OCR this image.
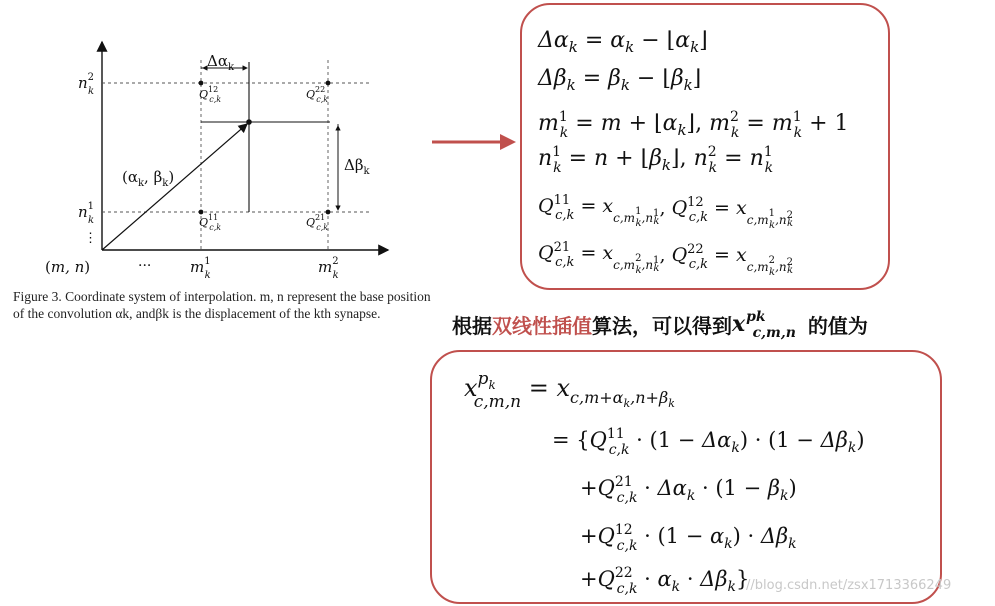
$\Delta\alpha_k$
$\Delta\beta_k$
($\alpha_k$, $\beta_k$)
$n^2$ k
$n^1$ k
⋮
$Q^{12}$ c,k	$Q^{22}$ c,k
$Q^{11}$ c,k	$Q^{21}$ c,k
(m, n)	···	$m^1$ k	$m^2$ k
Figure 3. Coordinate system of interpolation. m, n represent the base position of the convolution αk, andβk is the displacement of the kth synapse.
$\Delta\alpha_k = \alpha_k$ − $⌊\alpha_k⌋$
$\Delta\beta_k = \beta_k$ − $⌊\beta_k⌋$
$m^1$ $k = m + ⌊\alpha_k⌋$, $m^2$ $k = m^1$ k + 1
$n^1$ $k = n + ⌊\beta_k⌋$, $n^2$ $k = n^1$ k
$Q^{11}$ $c,k = x_{c,m}^1$ $k^{,n1}$ k, $Q^{12}$ $c,k = x_{c,m}^1$ $k^{,n2}$ k
$Q^{21}$ $c,k = x_{c,m}^2$ $k^{,n1}$ k, $Q^{22}$ $c,k = x_{c,m}^2$ $k^{,n2}$ k
根据 双线性插值 算法，可以得到 $x^{pk}_{c,m,n}$ 的值为
$x^p_k$ $c,m,n = x_{c,m+\alpha}k,n+\beta k$
= {$Q^{11}$ $c,k \cdot (1 - \Delta\alpha_k) \cdot (1 - \Delta\beta_k)$
$+Q^{21}$ $c,k \cdot \Delta\alpha_k \cdot (1 - \beta_k)$
$+Q^{12}$ $c,k \cdot (1 - \alpha_k) \cdot \Delta\beta_k$
$+Q^{22}$ $c,k \cdot \alpha_k \cdot \Delta\beta_k$}
//blog.csdn.net/zsx1713366249
